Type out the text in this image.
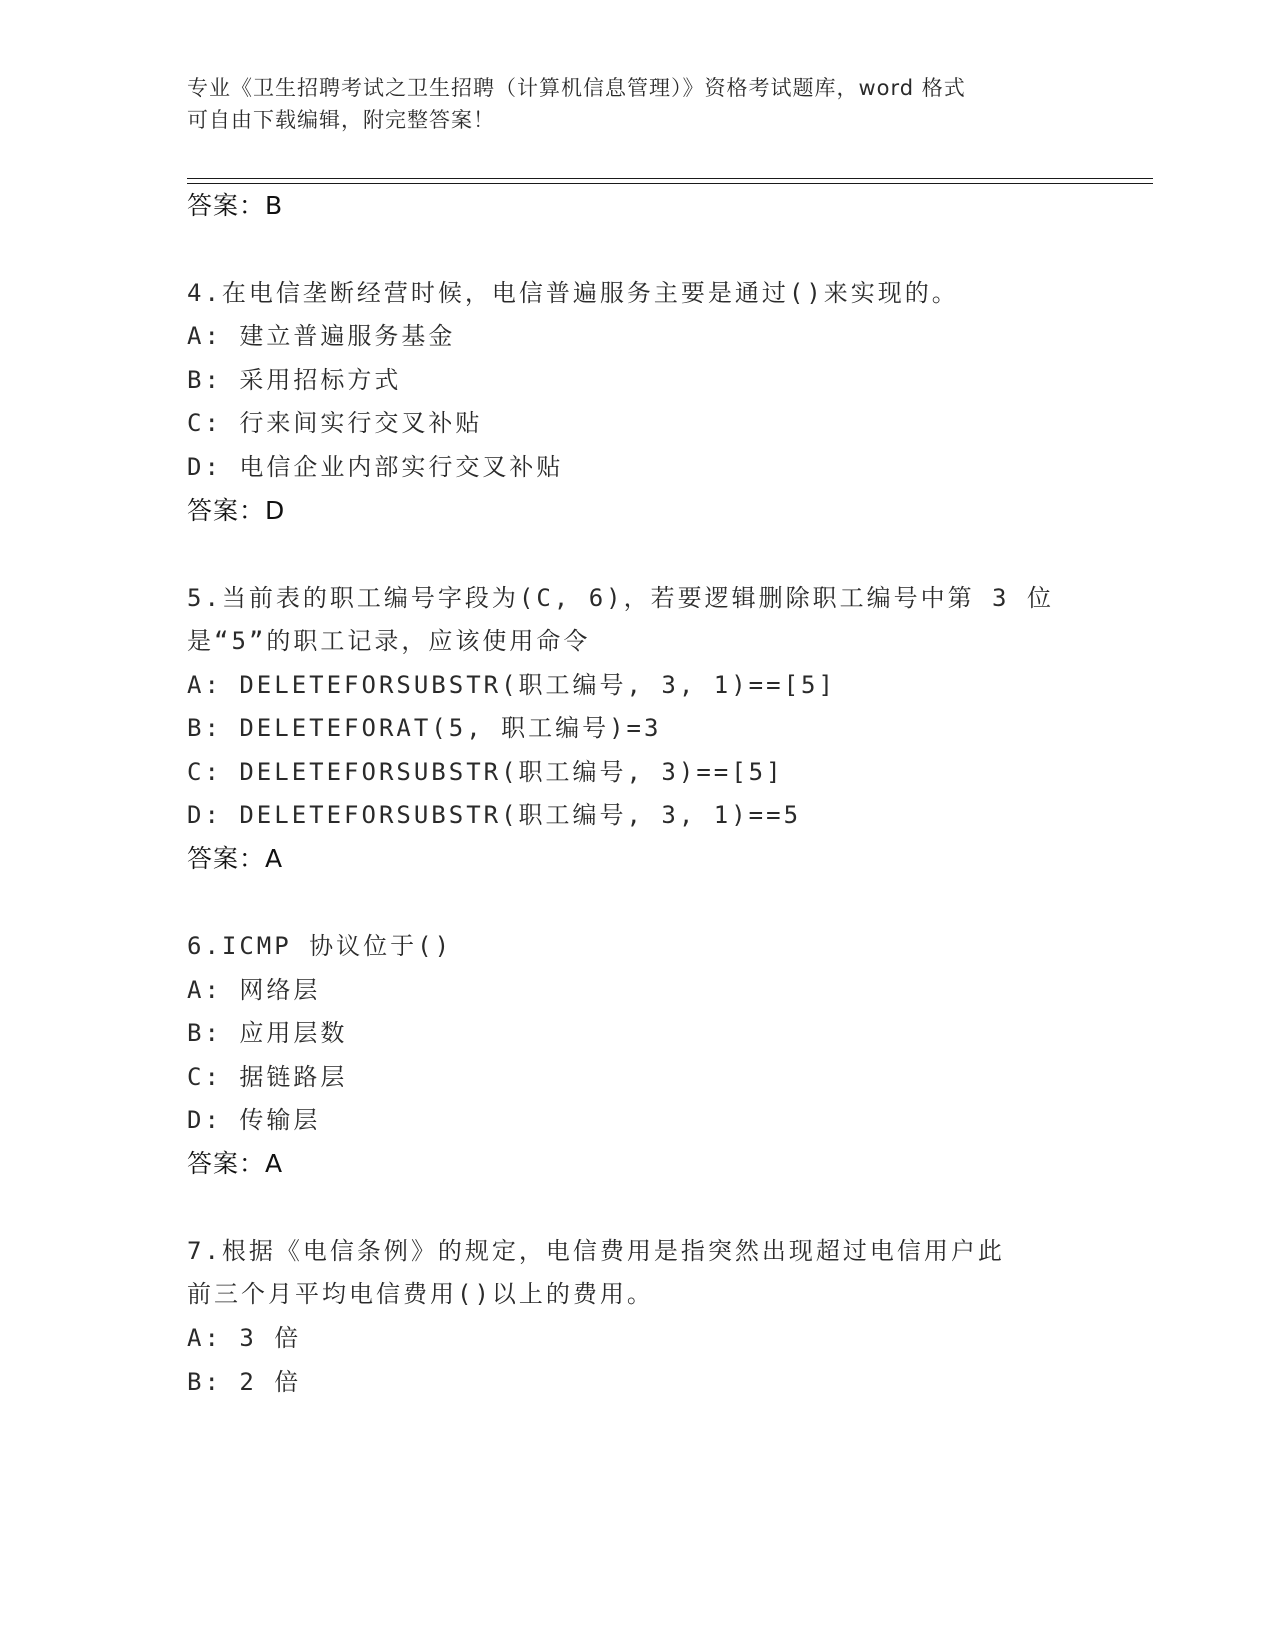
专业《卫生招聘考试之卫生招聘（计算机信息管理）》资格考试题库，word 格式
可自由下载编辑，附完整答案！
答案：B
4.在电信垄断经营时候，电信普遍服务主要是通过()来实现的。
A: 建立普遍服务基金
B: 采用招标方式
C: 行来间实行交叉补贴
D: 电信企业内部实行交叉补贴
答案：D
5.当前表的职工编号字段为(C, 6)，若要逻辑删除职工编号中第 3 位
是“5”的职工记录，应该使用命令
A: DELETEFORSUBSTR(职工编号, 3, 1)==[5]
B: DELETEFORAT(5, 职工编号)=3
C: DELETEFORSUBSTR(职工编号, 3)==[5]
D: DELETEFORSUBSTR(职工编号, 3, 1)==5
答案：A
6.ICMP 协议位于()
A: 网络层
B: 应用层数
C: 据链路层
D: 传输层
答案：A
7.根据《电信条例》的规定，电信费用是指突然出现超过电信用户此
前三个月平均电信费用()以上的费用。
A: 3 倍
B: 2 倍
